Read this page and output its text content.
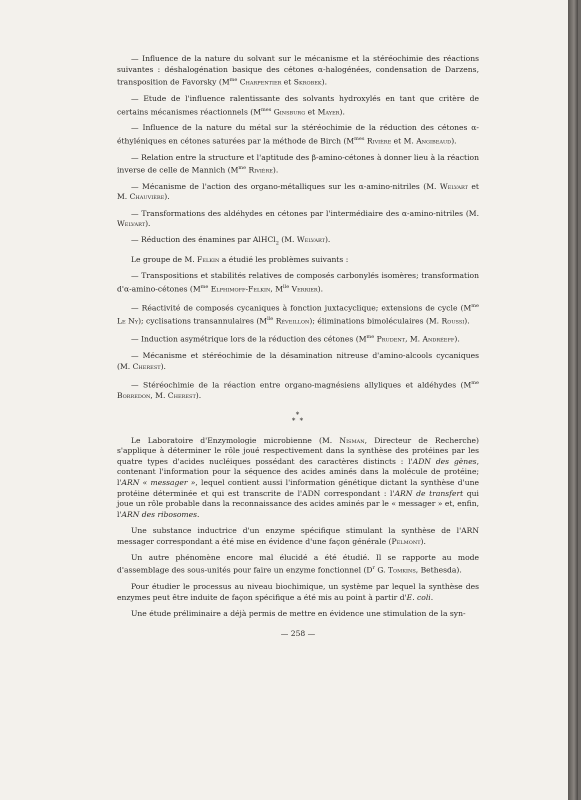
— Influence de la nature du solvant sur le mécanisme et la stéréochimie des réactions suivantes : déshalogénation basique des cétones α-halogénées, condensation de Darzens, transposition de Favorsky ($M^{me}$ Charpentier et Skrobek).

— Etude de l'influence ralentissante des solvants hydroxylés en tant que critère de certains mécanismes réactionnels ($M^{mes}$ Ginsburg et Mayer).

— Influence de la nature du métal sur la stéréochimie de la réduction des cétones α-éthyléniques en cétones saturées par la méthode de Birch ($M^{mes}$ Rivière et M. Angibeaud).

— Relation entre la structure et l'aptitude des β-amino-cétones à donner lieu à la réaction inverse de celle de Mannich ($M^{me}$ Rivière).

— Mécanisme de l'action des organo-métalliques sur les α-amino-nitriles (M. Welvart et M. Chauvière).

— Transformations des aldéhydes en cétones par l'intermédiaire des α-amino-nitriles (M. Welvart).

— Réduction des énamines par AlHCl$_2$ (M. Welvart).

Le groupe de M. Felkin a étudié les problèmes suivants :

— Transpositions et stabilités relatives de composés carbonylés isomères; transformation d'α-amino-cétones ($M^{me}$ Elphimoff-Felkin, $M^{lle}$ Verrier).

— Réactivité de composés cycaniques à fonction juxtacyclique; extensions de cycle ($M^{me}$ Le Ny); cyclisations transannulaires ($M^{lle}$ Réveillon); éliminations bimoléculaires (M. Roussi).

— Induction asymétrique lors de la réduction des cétones ($M^{me}$ Prudent, M. Andréeff).

— Mécanisme et stéréochimie de la désamination nitreuse d'amino-alcools cycaniques (M. Cherest).

— Stéréochimie de la réaction entre organo-magnésiens allyliques et aldéhydes ($M^{me}$ Borredon, M. Cherest).

*
* *

Le Laboratoire d'Enzymologie microbienne (M. Nisman, Directeur de Recherche) s'applique à déterminer le rôle joué respectivement dans la synthèse des protéines par les quatre types d'acides nucléiques possédant des caractères distincts : l'ADN des gènes, contenant l'information pour la séquence des acides aminés dans la molécule de protéine; l'ARN « messager », lequel contient aussi l'information génétique dictant la synthèse d'une protéine déterminée et qui est transcrite de l'ADN correspondant : l'ARN de transfert qui joue un rôle probable dans la reconnaissance des acides aminés par le « messager » et, enfin, l'ARN des ribosomes.

Une substance inductrice d'un enzyme spécifique stimulant la synthèse de l'ARN messager correspondant a été mise en évidence d'une façon générale (Pelmont).

Un autre phénomène encore mal élucidé a été étudié. Il se rapporte au mode d'assemblage des sous-unités pour faire un enzyme fonctionnel ($D^r$ G. Tomkins, Bethesda).

Pour étudier le processus au niveau biochimique, un système par lequel la synthèse des enzymes peut être induite de façon spécifique a été mis au point à partir d'E. coli.

Une étude préliminaire a déjà permis de mettre en évidence une stimulation de la syn-

— 258 —
